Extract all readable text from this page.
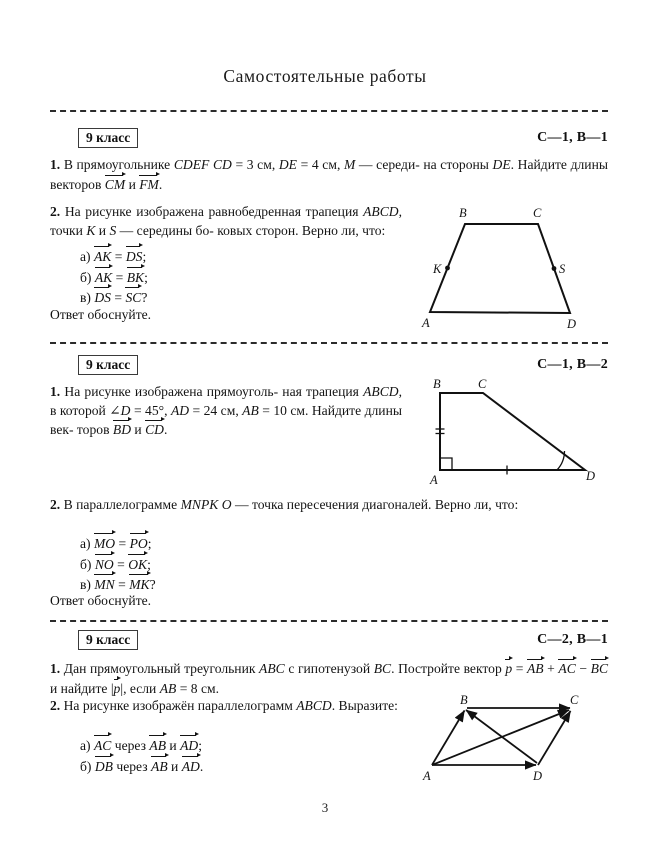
Самостоятельные работы
9 класс	С—1, В—1
1. В прямоугольнике CDEF CD = 3 см, DE = 4 см, M — середи- на стороны DE. Найдите длины векторов
CM и
FM.
2. На рисунке изображена равнобедренная трапеция ABCD, точки K и S — середины бо- ковых сторон. Верно ли, что:
а) AK = DS;
б) AK = BK;
в) DS = SC?
Ответ обоснуйте.
A
B	C
D
K	S
9 класс	С—1, В—2
1. На рисунке изображена прямоуголь- ная трапеция ABCD, в которой ∠D = 45°, AD = 24 см, AB = 10 см. Найдите длины век- торов
BD и
CD.
A
B	C
D
2. В параллелограмме MNPK O — точка пересечения диагоналей. Верно ли, что:
а) MO = PO;
б) NO = OK;
в) MN = MK?
Ответ обоснуйте.
9 класс	С—2, В—1
1. Дан прямоугольный треугольник ABC с гипотенузой BC. Постройте вектор
p =
AB +
AC −
BC и найдите |
p|, если AB = 8 см.
2. На рисунке изображён параллелограмм ABCD. Выразите:
а) AC через
AB и
AD;
б) DB через
AB и
AD.
A
B	C
D
3
